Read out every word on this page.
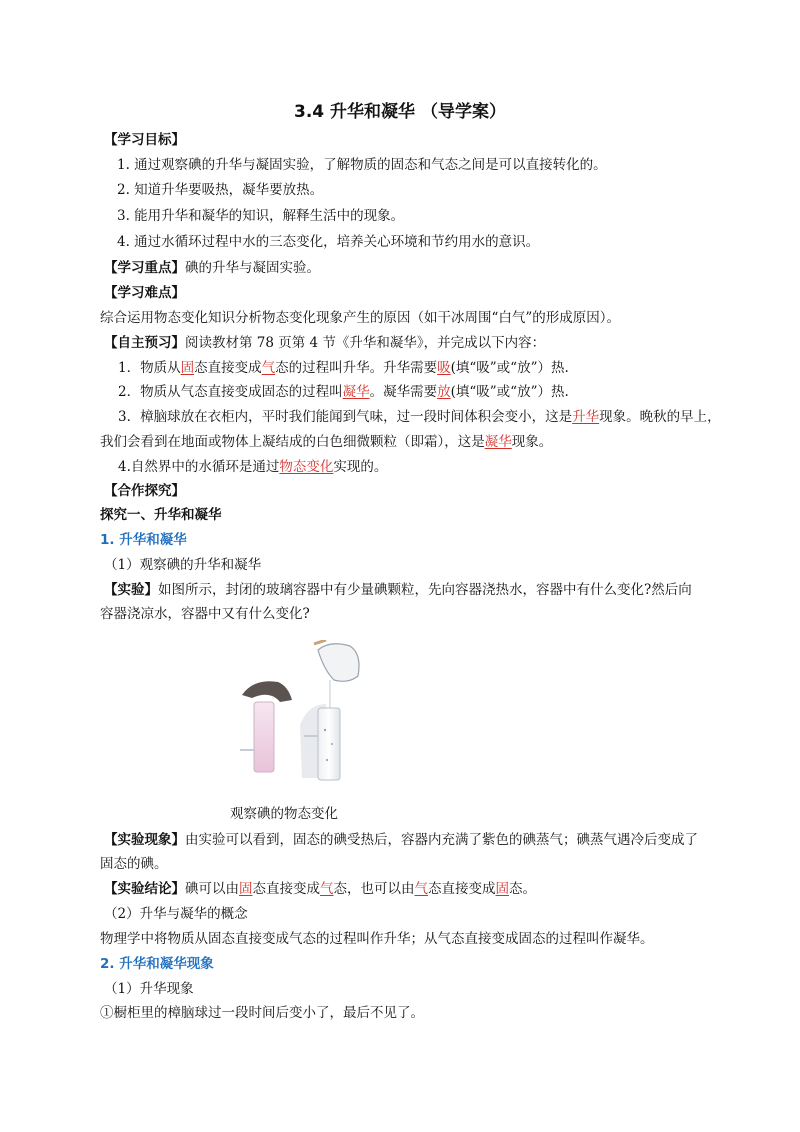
3.4 升华和凝华 （导学案）
【学习目标】
1. 通过观察碘的升华与凝固实验，了解物质的固态和气态之间是可以直接转化的。
2. 知道升华要吸热，凝华要放热。
3. 能用升华和凝华的知识，解释生活中的现象。
4. 通过水循环过程中水的三态变化，培养关心环境和节约用水的意识。
【学习重点】碘的升华与凝固实验。
【学习难点】
综合运用物态变化知识分析物态变化现象产生的原因（如干冰周围“白气”的形成原因）。
【自主预习】阅读教材第 78 页第 4 节《升华和凝华》，并完成以下内容：
1．物质从固态直接变成气态的过程叫升华。升华需要吸(填“吸”或“放”）热.
2．物质从气态直接变成固态的过程叫凝华。凝华需要放(填“吸”或“放”）热.
3．樟脑球放在衣柜内，平时我们能闻到气味，过一段时间体积会变小，这是升华现象。晚秋的早上，
我们会看到在地面或物体上凝结成的白色细微颗粒（即霜），这是凝华现象。
4.自然界中的水循环是通过物态变化实现的。
【合作探究】
探究一、升华和凝华
1. 升华和凝华
（1）观察碘的升华和凝华
【实验】如图所示，封闭的玻璃容器中有少量碘颗粒，先向容器浇热水，容器中有什么变化?然后向
容器浇凉水，容器中又有什么变化?
观察碘的物态变化
【实验现象】由实验可以看到，固态的碘受热后，容器内充满了紫色的碘蒸气；碘蒸气遇冷后变成了
固态的碘。
【实验结论】碘可以由固态直接变成气态，也可以由气态直接变成固态。
（2）升华与凝华的概念
物理学中将物质从固态直接变成气态的过程叫作升华；从气态直接变成固态的过程叫作凝华。
2. 升华和凝华现象
（1）升华现象
①橱柜里的樟脑球过一段时间后变小了，最后不见了。
